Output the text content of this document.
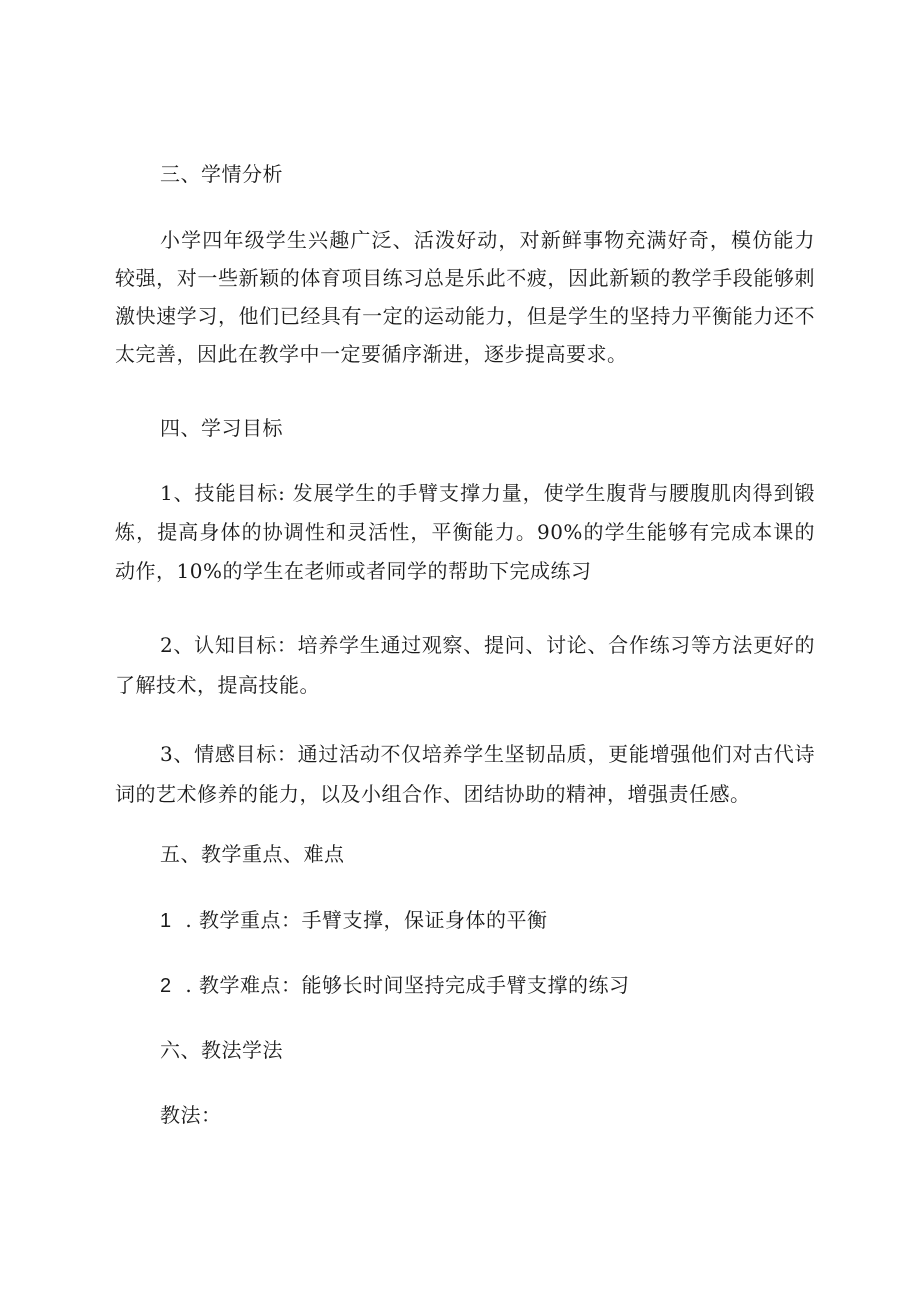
三、学情分析

小学四年级学生兴趣广泛、活泼好动，对新鲜事物充满好奇，模仿能力较强，对一些新颖的体育项目练习总是乐此不疲，因此新颖的教学手段能够刺激快速学习，他们已经具有一定的运动能力，但是学生的坚持力平衡能力还不太完善，因此在教学中一定要循序渐进，逐步提高要求。

四、学习目标

1、技能目标: 发展学生的手臂支撑力量，使学生腹背与腰腹肌肉得到锻炼，提高身体的协调性和灵活性，平衡能力。90%的学生能够有完成本课的动作，10%的学生在老师或者同学的帮助下完成练习

2、认知目标：培养学生通过观察、提问、讨论、合作练习等方法更好的了解技术，提高技能。

3、情感目标：通过活动不仅培养学生坚韧品质，更能增强他们对古代诗词的艺术修养的能力，以及小组合作、团结协助的精神，增强责任感。

五、教学重点、难点

1 . 教学重点：手臂支撑，保证身体的平衡

2 . 教学难点：能够长时间坚持完成手臂支撑的练习

六、教法学法

教法：
